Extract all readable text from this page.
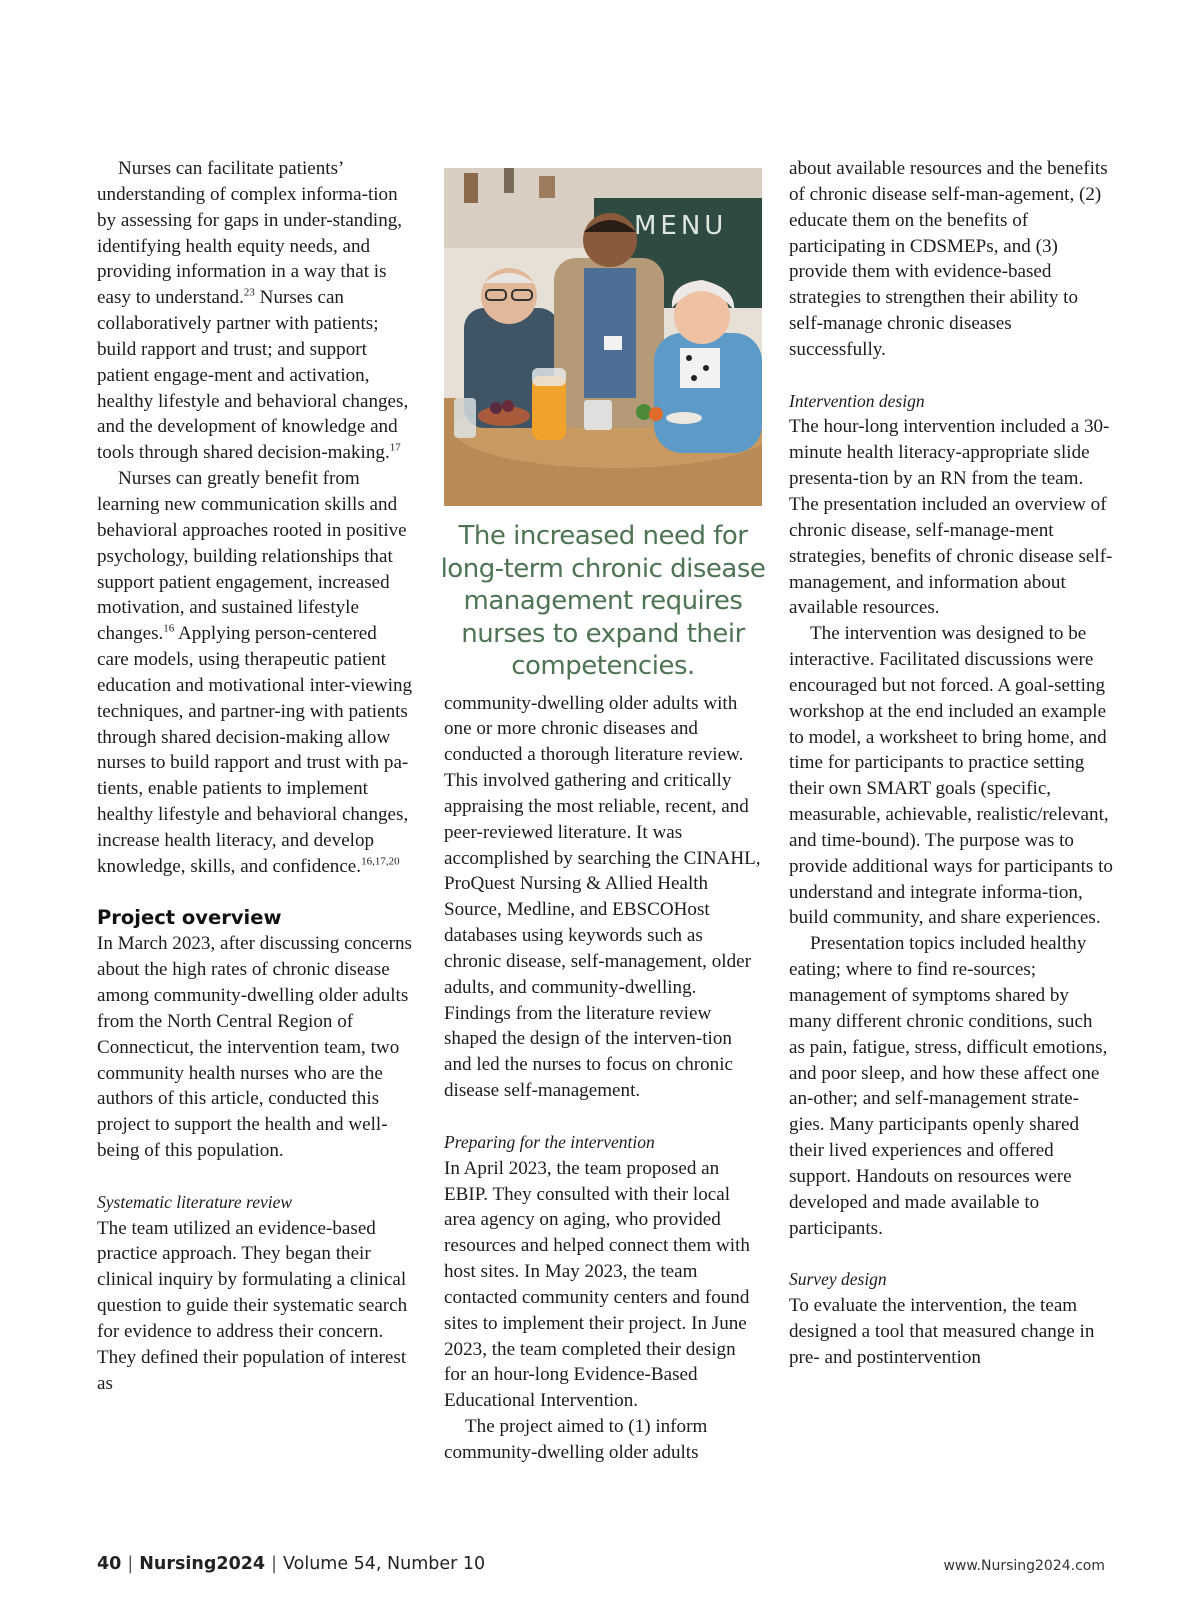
Nurses can facilitate patients’ understanding of complex informa-tion by assessing for gaps in under-standing, identifying health equity needs, and providing information in a way that is easy to understand.$^{23}$ Nurses can collaboratively partner with patients; build rapport and trust; and support patient engage-ment and activation, healthy lifestyle and behavioral changes, and the development of knowledge and tools through shared decision-making.$^{17}$

Nurses can greatly benefit from learning new communication skills and behavioral approaches rooted in positive psychology, building relationships that support patient engagement, increased motivation, and sustained lifestyle changes.$^{16}$ Applying person-centered care models, using therapeutic patient education and motivational inter-viewing techniques, and partner-ing with patients through shared decision-making allow nurses to build rapport and trust with pa-tients, enable patients to implement healthy lifestyle and behavioral changes, increase health literacy, and develop knowledge, skills, and confidence.$^{16,17,20}$

Project overview

In March 2023, after discussing concerns about the high rates of chronic disease among community-dwelling older adults from the North Central Region of Connecticut, the intervention team, two community health nurses who are the authors of this article, conducted this project to support the health and well-being of this population.

Systematic literature review

The team utilized an evidence-based practice approach. They began their clinical inquiry by formulating a clinical question to guide their systematic search for evidence to address their concern. They defined their population of interest as

MENU

The increased need for long-term chronic disease management requires nurses to expand their competencies.

community-dwelling older adults with one or more chronic diseases and conducted a thorough literature review. This involved gathering and critically appraising the most reliable, recent, and peer-reviewed literature. It was accomplished by searching the CINAHL, ProQuest Nursing & Allied Health Source, Medline, and EBSCOHost databases using keywords such as chronic disease, self-management, older adults, and community-dwelling. Findings from the literature review shaped the design of the interven-tion and led the nurses to focus on chronic disease self-management.

Preparing for the intervention

In April 2023, the team proposed an EBIP. They consulted with their local area agency on aging, who provided resources and helped connect them with host sites. In May 2023, the team contacted community centers and found sites to implement their project. In June 2023, the team completed their design for an hour-long Evidence-Based Educational Intervention.

The project aimed to (1) inform community-dwelling older adults

about available resources and the benefits of chronic disease self-man-agement, (2) educate them on the benefits of participating in CDSMEPs, and (3) provide them with evidence-based strategies to strengthen their ability to self-manage chronic diseases successfully.

Intervention design

The hour-long intervention included a 30-minute health literacy-appropriate slide presenta-tion by an RN from the team. The presentation included an overview of chronic disease, self-manage-ment strategies, benefits of chronic disease self-management, and information about available resources.

The intervention was designed to be interactive. Facilitated discussions were encouraged but not forced. A goal-setting workshop at the end included an example to model, a worksheet to bring home, and time for participants to practice setting their own SMART goals (specific, measurable, achievable, realistic/relevant, and time-bound). The purpose was to provide additional ways for participants to understand and integrate informa-tion, build community, and share experiences.

Presentation topics included healthy eating; where to find re-sources; management of symptoms shared by many different chronic conditions, such as pain, fatigue, stress, difficult emotions, and poor sleep, and how these affect one an-other; and self-management strate-gies. Many participants openly shared their lived experiences and offered support. Handouts on resources were developed and made available to participants.

Survey design

To evaluate the intervention, the team designed a tool that measured change in pre- and postintervention

40 | Nursing2024 | Volume 54, Number 10	www.Nursing2024.com
